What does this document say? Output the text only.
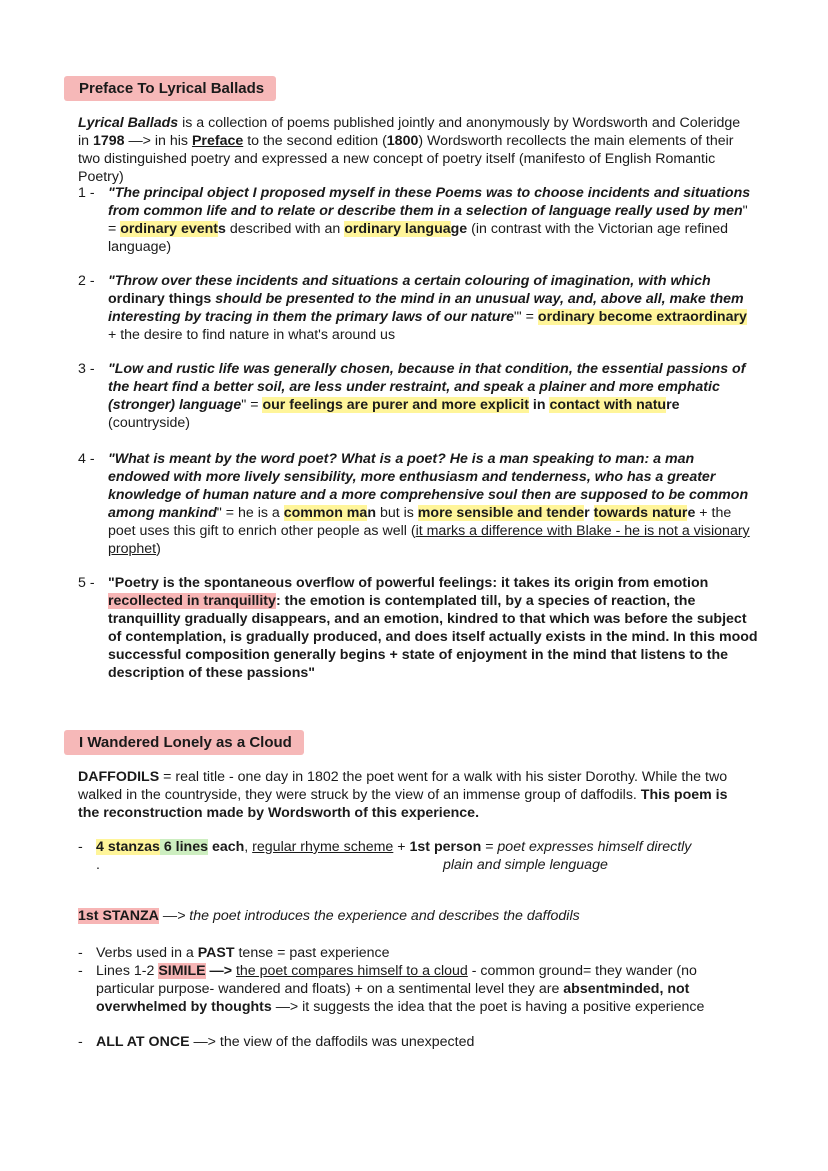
Preface To Lyrical Ballads
Lyrical Ballads is a collection of poems published jointly and anonymously by Wordsworth and Coleridge in 1798 —> in his Preface to the second edition (1800) Wordsworth recollects the main elements of their two distinguished poetry and expressed a new concept of poetry itself (manifesto of English Romantic Poetry)
1 - "The principal object I proposed myself in these Poems was to choose incidents and situations from common life and to relate or describe them in a selection of language really used by men" = ordinary events described with an ordinary language (in contrast with the Victorian age refined language)
2 - "Throw over these incidents and situations a certain colouring of imagination, with which ordinary things should be presented to the mind in an unusual way, and, above all, make them interesting by tracing in them the primary laws of our nature"' = ordinary become extraordinary + the desire to find nature in what's around us
3 - "Low and rustic life was generally chosen, because in that condition, the essential passions of the heart find a better soil, are less under restraint, and speak a plainer and more emphatic (stronger) language" = our feelings are purer and more explicit in contact with nature (countryside)
4 - "What is meant by the word poet? What is a poet? He is a man speaking to man: a man endowed with more lively sensibility, more enthusiasm and tenderness, who has a greater knowledge of human nature and a more comprehensive soul then are supposed to be common among mankind" = he is a common man but is more sensible and tender towards nature + the poet uses this gift to enrich other people as well (it marks a difference with Blake - he is not a visionary prophet)
5 - "Poetry is the spontaneous overflow of powerful feelings: it takes its origin from emotion recollected in tranquillity: the emotion is contemplated till, by a species of reaction, the tranquillity gradually disappears, and an emotion, kindred to that which was before the subject of contemplation, is gradually produced, and does itself actually exists in the mind. In this mood successful composition generally begins + state of enjoyment in the mind that listens to the description of these passions"
I Wandered Lonely as a Cloud
DAFFODILS = real title - one day in 1802 the poet went for a walk with his sister Dorothy. While the two walked in the countryside, they were struck by the view of an immense group of daffodils. This poem is the reconstruction made by Wordsworth of this experience.
- 4 stanzas 6 lines each, regular rhyme scheme + 1st person = poet expresses himself directly
.	plain and simple lenguage
1st STANZA —> the poet introduces the experience and describes the daffodils
- Verbs used in a PAST tense = past experience
- Lines 1-2 SIMILE —> the poet compares himself to a cloud - common ground= they wander (no particular purpose- wandered and floats) + on a sentimental level they are absentminded, not overwhelmed by thoughts —> it suggests the idea that the poet is having a positive experience
- ALL AT ONCE —> the view of the daffodils was unexpected
